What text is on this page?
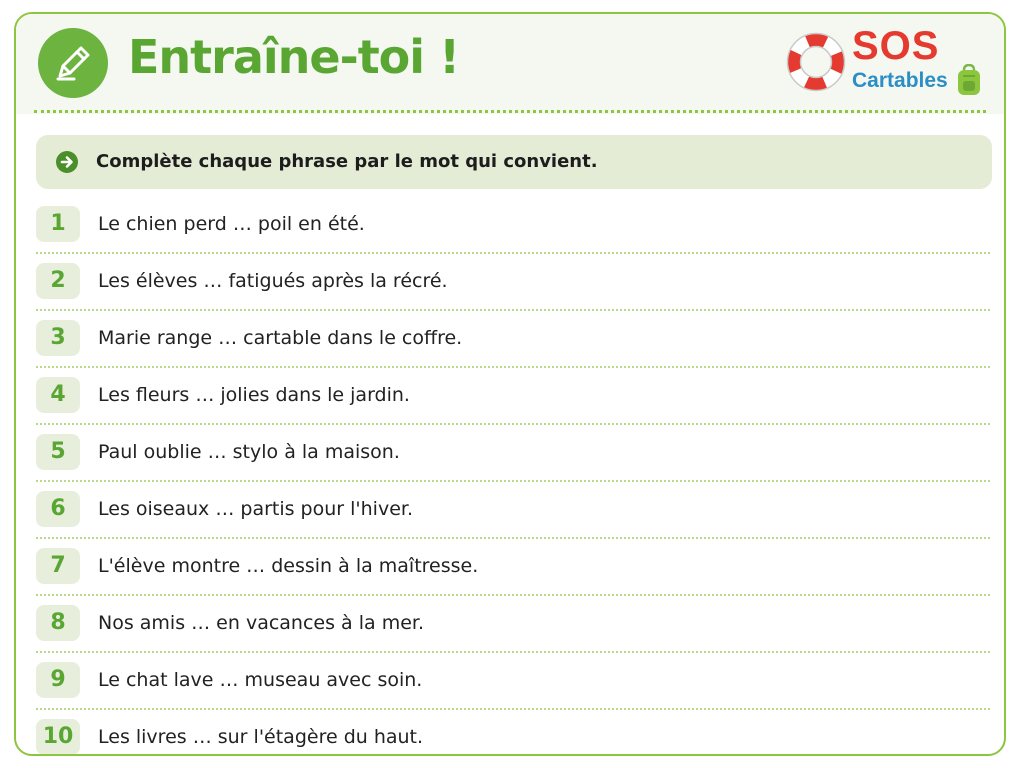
Entraîne-toi !	SOS
Cartables
Complète chaque phrase par le mot qui convient.
1	Le chien perd … poil en été.
2	Les élèves … fatigués après la récré.
3	Marie range … cartable dans le coffre.
4	Les fleurs … jolies dans le jardin.
5	Paul oublie … stylo à la maison.
6	Les oiseaux … partis pour l'hiver.
7	L'élève montre … dessin à la maîtresse.
8	Nos amis … en vacances à la mer.
9	Le chat lave … museau avec soin.
10	Les livres … sur l'étagère du haut.
